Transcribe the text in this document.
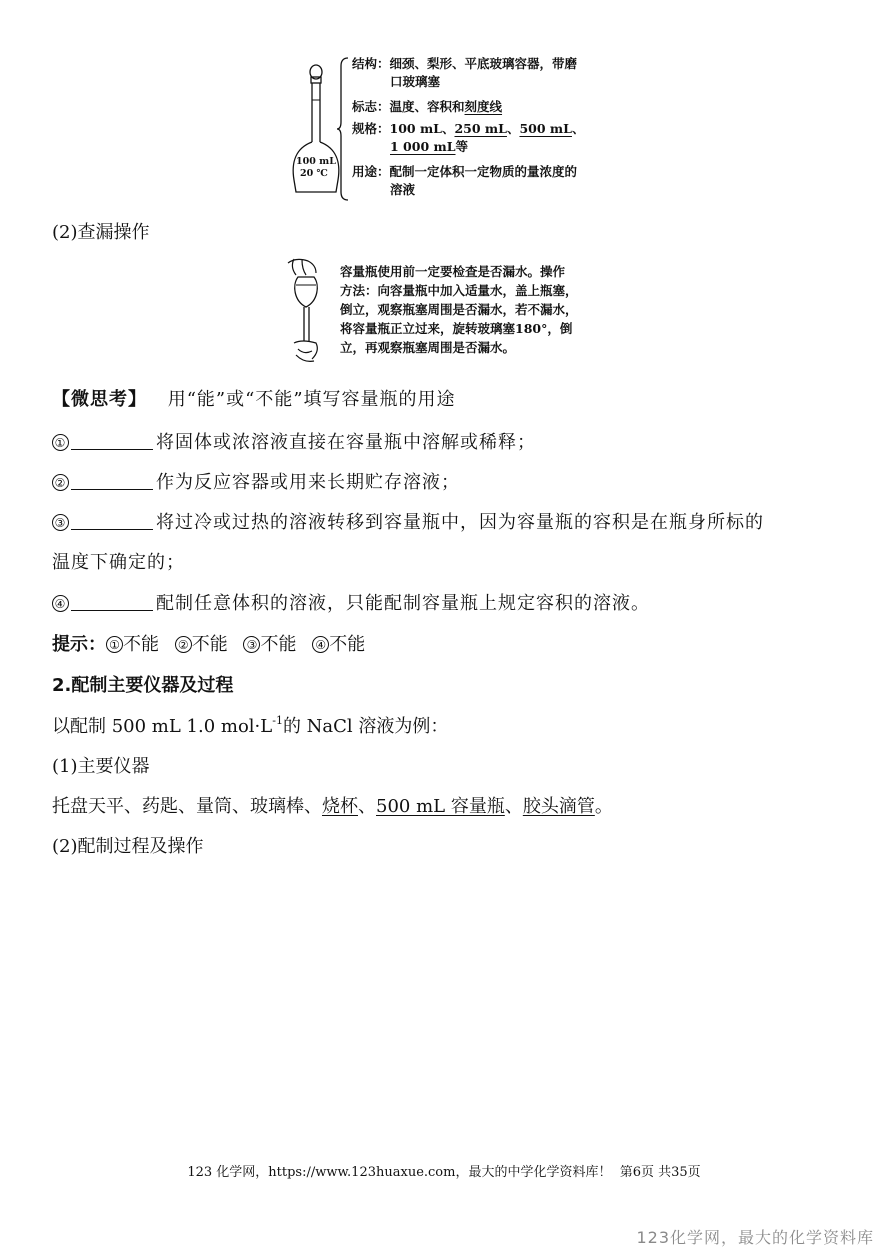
100 mL
20 ℃
结构：细颈、梨形、平底玻璃容器，带磨
口玻璃塞
标志：温度、容积和刻度线
规格：100 mL、250 mL、500 mL、
1 000 mL等
用途：配制一定体积一定物质的量浓度的
溶液
(2)查漏操作
容量瓶使用前一定要检查是否漏水。操作
方法：向容量瓶中加入适量水，盖上瓶塞，
倒立，观察瓶塞周围是否漏水，若不漏水，
将容量瓶正立过来，旋转玻璃塞180°，倒
立，再观察瓶塞周围是否漏水。
【微思考】 用“能”或“不能”填写容量瓶的用途
①	将固体或浓溶液直接在容量瓶中溶解或稀释；
②	作为反应容器或用来长期贮存溶液；
③	将过冷或过热的溶液转移到容量瓶中，因为容量瓶的容积是在瓶身所标的
温度下确定的；
④	配制任意体积的溶液，只能配制容量瓶上规定容积的溶液。
提示： ① 不能 ② 不能 ③ 不能 ④ 不能
2.配制主要仪器及过程
以配制 500 mL 1.0 $mol\cdot L^{-1}$的 NaCl 溶液为例：
(1)主要仪器
托盘天平、药匙、量筒、玻璃棒、烧杯、500 mL 容量瓶、胶头滴管。
(2)配制过程及操作
123 化学网，https://www.123huaxue.com，最大的中学化学资料库！  第6页 共35页
123化学网，最大的化学资料库
